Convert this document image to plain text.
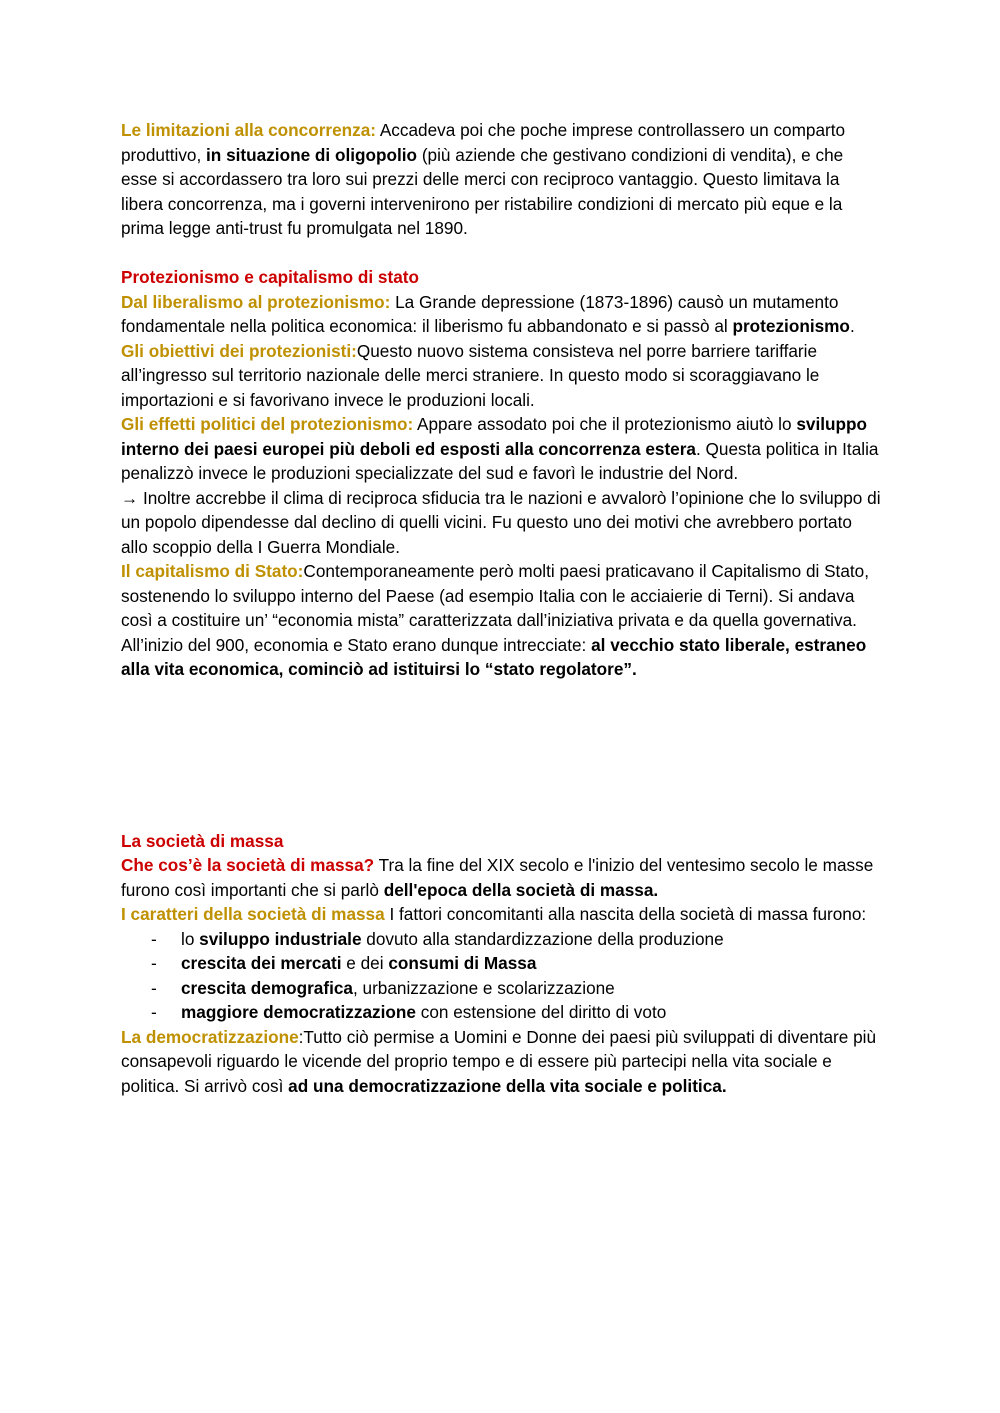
Le limitazioni alla concorrenza: Accadeva poi che poche imprese controllassero un comparto produttivo, in situazione di oligopolio (più aziende che gestivano condizioni di vendita), e che esse si accordassero tra loro sui prezzi delle merci con reciproco vantaggio. Questo limitava la libera concorrenza, ma i governi intervenirono per ristabilire condizioni di mercato più eque e la prima legge anti-trust fu promulgata nel 1890.

Protezionismo e capitalismo di stato

Dal liberalismo al protezionismo: La Grande depressione (1873-1896) causò un mutamento fondamentale nella politica economica: il liberismo fu abbandonato e si passò al protezionismo.

Gli obiettivi dei protezionisti:Questo nuovo sistema consisteva nel porre barriere tariffarie all’ingresso sul territorio nazionale delle merci straniere. In questo modo si scoraggiavano le importazioni e si favorivano invece le produzioni locali.

Gli effetti politici del protezionismo: Appare assodato poi che il protezionismo aiutò lo sviluppo interno dei paesi europei più deboli ed esposti alla concorrenza estera. Questa politica in Italia penalizzò invece le produzioni specializzate del sud e favorì le industrie del Nord.

→ Inoltre accrebbe il clima di reciproca sfiducia tra le nazioni e avvalorò l’opinione che lo sviluppo di un popolo dipendesse dal declino di quelli vicini. Fu questo uno dei motivi che avrebbero portato allo scoppio della I Guerra Mondiale.

Il capitalismo di Stato:Contemporaneamente però molti paesi praticavano il Capitalismo di Stato, sostenendo lo sviluppo interno del Paese (ad esempio Italia con le acciaierie di Terni). Si andava così a costituire un’ “economia mista” caratterizzata dall’iniziativa privata e da quella governativa.

All’inizio del 900, economia e Stato erano dunque intrecciate: al vecchio stato liberale, estraneo alla vita economica, cominciò ad istituirsi lo “stato regolatore”.

La società di massa

Che cos’è la società di massa? Tra la fine del XIX secolo e l'inizio del ventesimo secolo le masse furono così importanti che si parlò dell'epoca della società di massa.

I caratteri della società di massa I fattori concomitanti alla nascita della società di massa furono:

- lo sviluppo industriale dovuto alla standardizzazione della produzione
- crescita dei mercati e dei consumi di Massa
- crescita demografica, urbanizzazione e scolarizzazione
- maggiore democratizzazione con estensione del diritto di voto

La democratizzazione:Tutto ciò permise a Uomini e Donne dei paesi più sviluppati di diventare più consapevoli riguardo le vicende del proprio tempo e di essere più partecipi nella vita sociale e politica. Si arrivò così ad una democratizzazione della vita sociale e politica.
